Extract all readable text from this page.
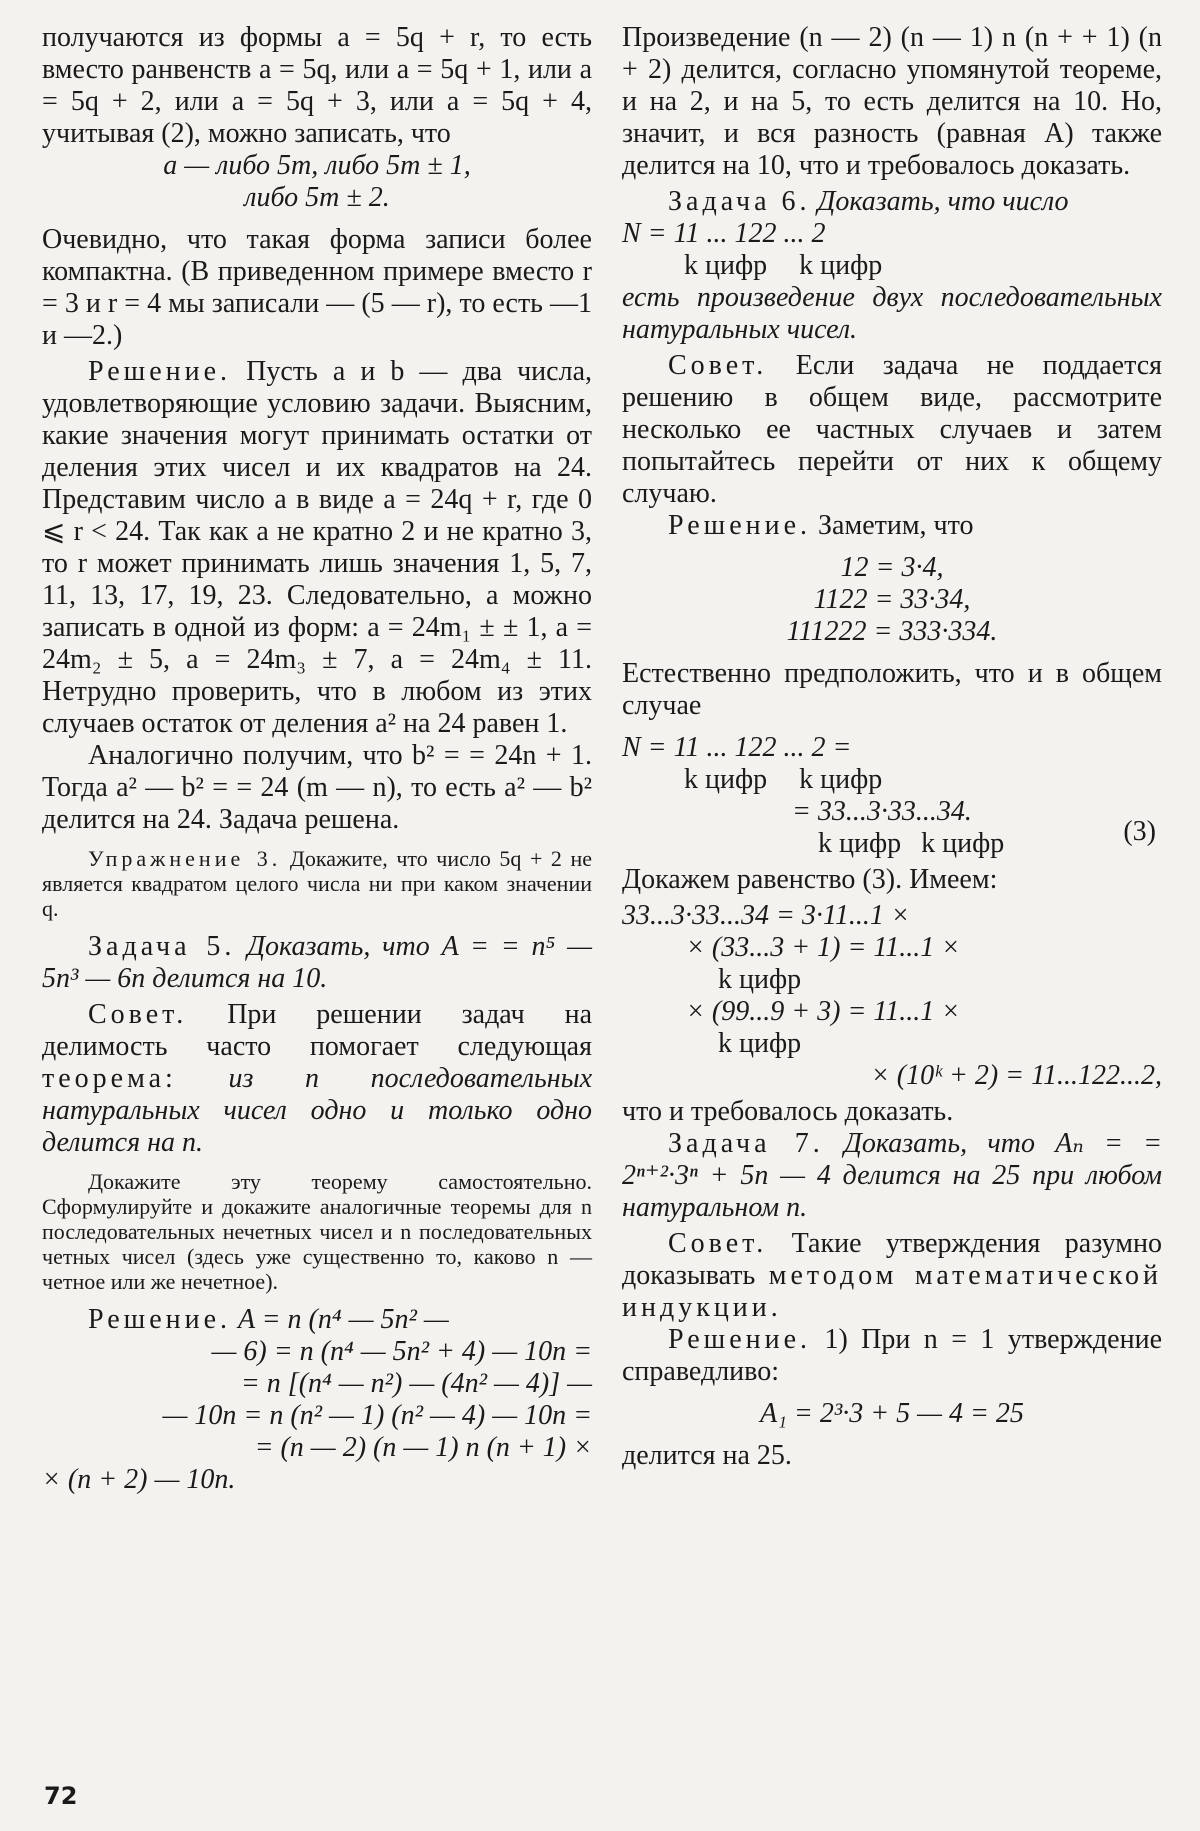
получаются из формы a = 5q + r, то есть вместо ранвенств a = 5q, или a = 5q + 1, или a = 5q + 2, или a = 5q + 3, или a = 5q + 4, учитывая (2), можно записать, что

a — либо 5m, либо 5m ± 1,

либо 5m ± 2.

Очевидно, что такая форма записи более компактна. (В приведенном примере вместо r = 3 и r = 4 мы записали — (5 — r), то есть —1 и —2.)

Решение. Пусть a и b — два числа, удовлетворяющие условию задачи. Выясним, какие значения могут принимать остатки от деления этих чисел и их квадратов на 24. Представим число a в виде a = 24q + r, где 0 ⩽ r < 24. Так как a не кратно 2 и не кратно 3, то r может принимать лишь значения 1, 5, 7, 11, 13, 17, 19, 23. Следовательно, a можно записать в одной из форм: a = 24m₁ ± ± 1, a = 24m₂ ± 5, a = 24m₃ ± 7, a = 24m₄ ± 11. Нетрудно проверить, что в любом из этих случаев остаток от деления a² на 24 равен 1.

Аналогично получим, что b² = = 24n + 1. Тогда a² — b² = = 24 (m — n), то есть a² — b² делится на 24. Задача решена.

Упражнение 3. Докажите, что число 5q + 2 не является квадратом целого числа ни при каком значении q.

Задача 5. Доказать, что A = = n⁵ — 5n³ — 6n делится на 10.

Совет. При решении задач на делимость часто помогает следующая теорема: из n последовательных натуральных чисел одно и только одно делится на n.

Докажите эту теорему самостоятельно. Сформулируйте и докажите аналогичные теоремы для n последовательных нечетных чисел и n последовательных четных чисел (здесь уже существенно то, каково n — четное или же нечетное).

Решение. A = n (n⁴ — 5n² —

— 6) = n (n⁴ — 5n² + 4) — 10n =

= n [(n⁴ — n²) — (4n² — 4)] —

— 10n = n (n² — 1) (n² — 4) — 10n =

= (n — 2) (n — 1) n (n + 1) ×

× (n + 2) — 10n.

Произведение (n — 2) (n — 1) n (n + + 1) (n + 2) делится, согласно упомянутой теореме, и на 2, и на 5, то есть делится на 10. Но, значит, и вся разность (равная A) также делится на 10, что и требовалось доказать.

Задача 6. Доказать, что число

N = 11 ... 122 ... 2

k цифр k цифр

есть произведение двух последовательных натуральных чисел.

Совет. Если задача не поддается решению в общем виде, рассмотрите несколько ее частных случаев и затем попытайтесь перейти от них к общему случаю.

Решение. Заметим, что

12 = 3·4,

1122 = 33·34,

111222 = 333·334.

Естественно предположить, что и в общем случае

N = 11 ... 122 ... 2 =

k цифр k цифр

= 33...3·33...34.

k цифр k цифр	(3)

Докажем равенство (3). Имеем:

33...3·33...34 = 3·11...1 ×

× (33...3 + 1) = 11...1 ×

k цифр

× (99...9 + 3) = 11...1 ×

k цифр

× (10ᵏ + 2) = 11...122...2,

что и требовалось доказать.

Задача 7. Доказать, что Aₙ = = 2ⁿ⁺²·3ⁿ + 5n — 4 делится на 25 при любом натуральном n.

Совет. Такие утверждения разумно доказывать методом математической индукции.

Решение. 1) При n = 1 утверждение справедливо:

A₁ = 2³·3 + 5 — 4 = 25

делится на 25.

72
